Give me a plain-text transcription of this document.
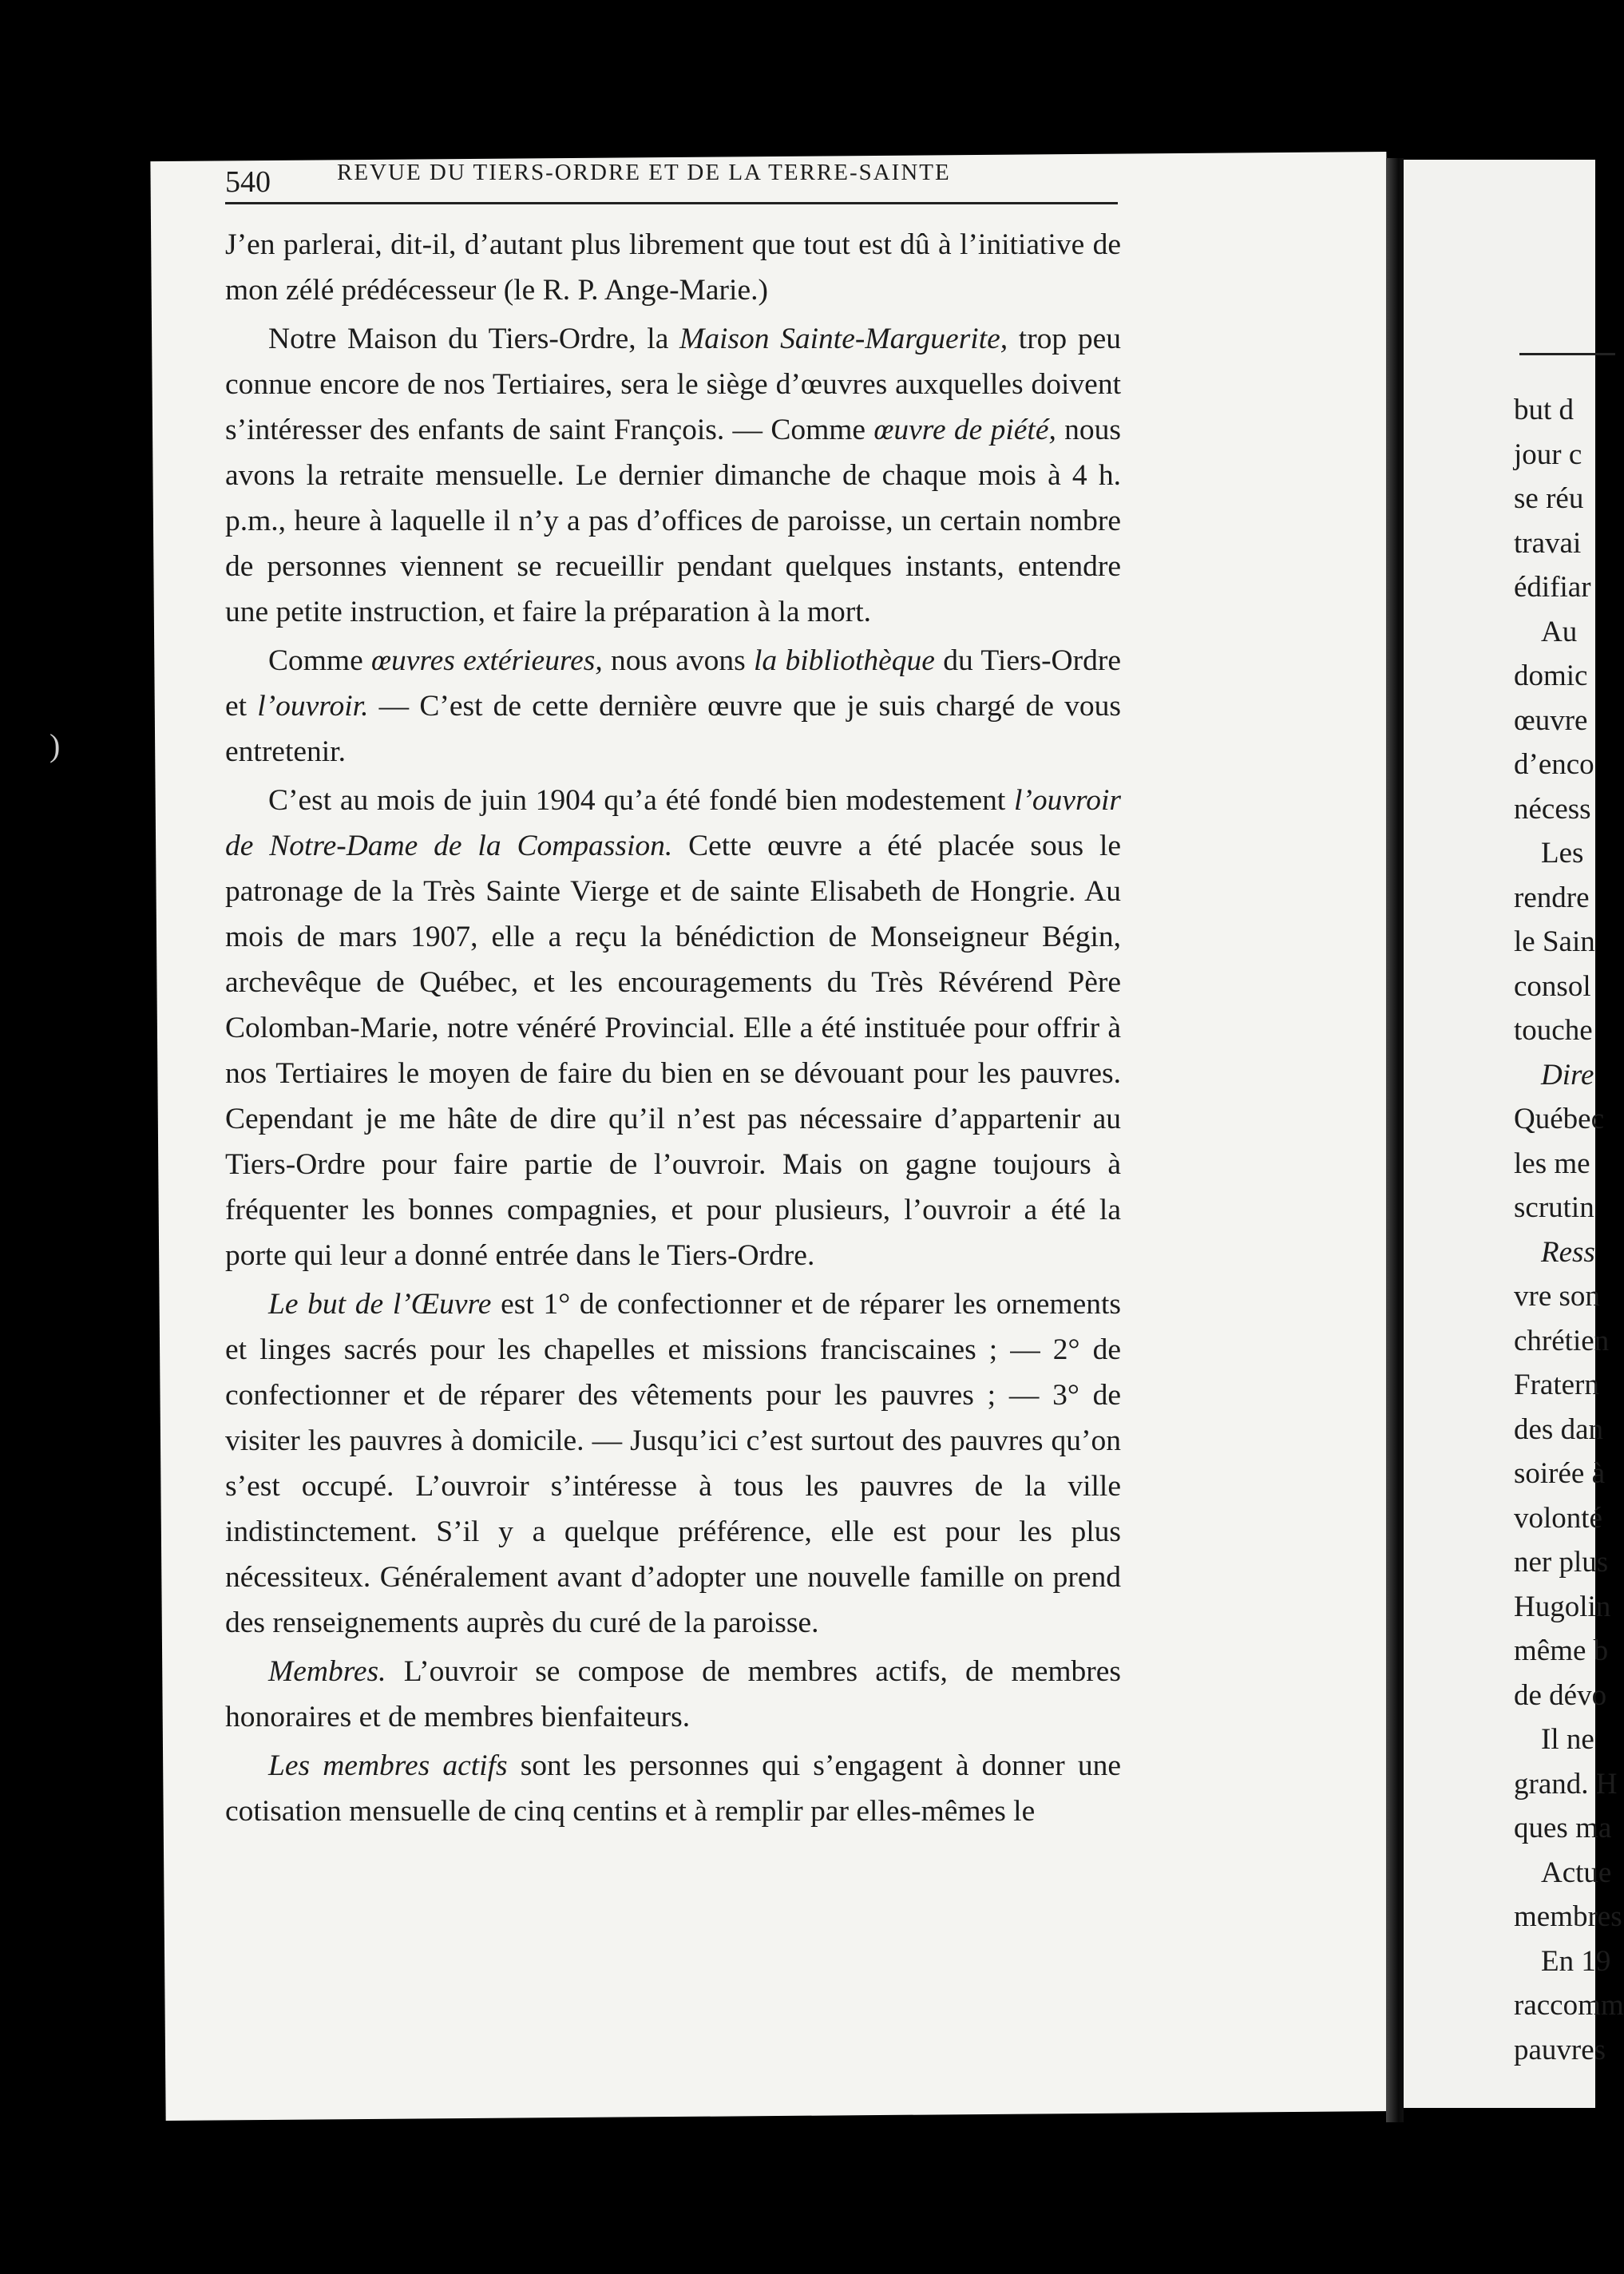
but d
jour c
se réu
travai
édifiar
Au
domic
œuvre
d’enco
nécess
Les
rendre
le Sain
consol
touche
Dire
Québec
les me
scrutin
Ress
vre son
chrétien
Fratern
des dan
soirée à
volonté
ner plus
Hugolin
même b
de dévo
Il ne
grand. H
ques ma
Actue
membres
En 19
raccomm
pauvres
540	REVUE DU TIERS-ORDRE ET DE LA TERRE-SAINTE

J’en parlerai, dit-il, d’autant plus librement que tout est dû à l’initiative de mon zélé prédécesseur (le R. P. Ange-Marie.)

Notre Maison du Tiers-Ordre, la Maison Sainte-Marguerite, trop peu connue encore de nos Tertiaires, sera le siège d’œuvres auxquelles doivent s’intéresser des enfants de saint François. — Comme œuvre de piété, nous avons la retraite mensuelle. Le dernier dimanche de chaque mois à 4 h. p.m., heure à laquelle il n’y a pas d’offices de paroisse, un certain nombre de personnes viennent se recueillir pendant quelques instants, entendre une petite instruction, et faire la préparation à la mort.

Comme œuvres extérieures, nous avons la bibliothèque du Tiers-Ordre et l’ouvroir. — C’est de cette dernière œuvre que je suis chargé de vous entretenir.

C’est au mois de juin 1904 qu’a été fondé bien modestement l’ouvroir de Notre-Dame de la Compassion. Cette œuvre a été placée sous le patronage de la Très Sainte Vierge et de sainte Elisabeth de Hongrie. Au mois de mars 1907, elle a reçu la bénédiction de Monseigneur Bégin, archevêque de Québec, et les encouragements du Très Révérend Père Colomban-Marie, notre vénéré Provincial. Elle a été instituée pour offrir à nos Tertiaires le moyen de faire du bien en se dévouant pour les pauvres. Cependant je me hâte de dire qu’il n’est pas nécessaire d’appartenir au Tiers-Ordre pour faire partie de l’ouvroir. Mais on gagne toujours à fréquenter les bonnes compagnies, et pour plusieurs, l’ouvroir a été la porte qui leur a donné entrée dans le Tiers-Ordre.

Le but de l’Œuvre est 1° de confectionner et de réparer les ornements et linges sacrés pour les chapelles et missions franciscaines ; — 2° de confectionner et de réparer des vêtements pour les pauvres ; — 3° de visiter les pauvres à domicile. — Jusqu’ici c’est surtout des pauvres qu’on s’est occupé. L’ouvroir s’intéresse à tous les pauvres de la ville indistinctement. S’il y a quelque préférence, elle est pour les plus nécessiteux. Généralement avant d’adopter une nouvelle famille on prend des renseignements auprès du curé de la paroisse.

Membres. L’ouvroir se compose de membres actifs, de membres honoraires et de membres bienfaiteurs.

Les membres actifs sont les personnes qui s’engagent à donner une cotisation mensuelle de cinq centins et à remplir par elles-mêmes le

)
